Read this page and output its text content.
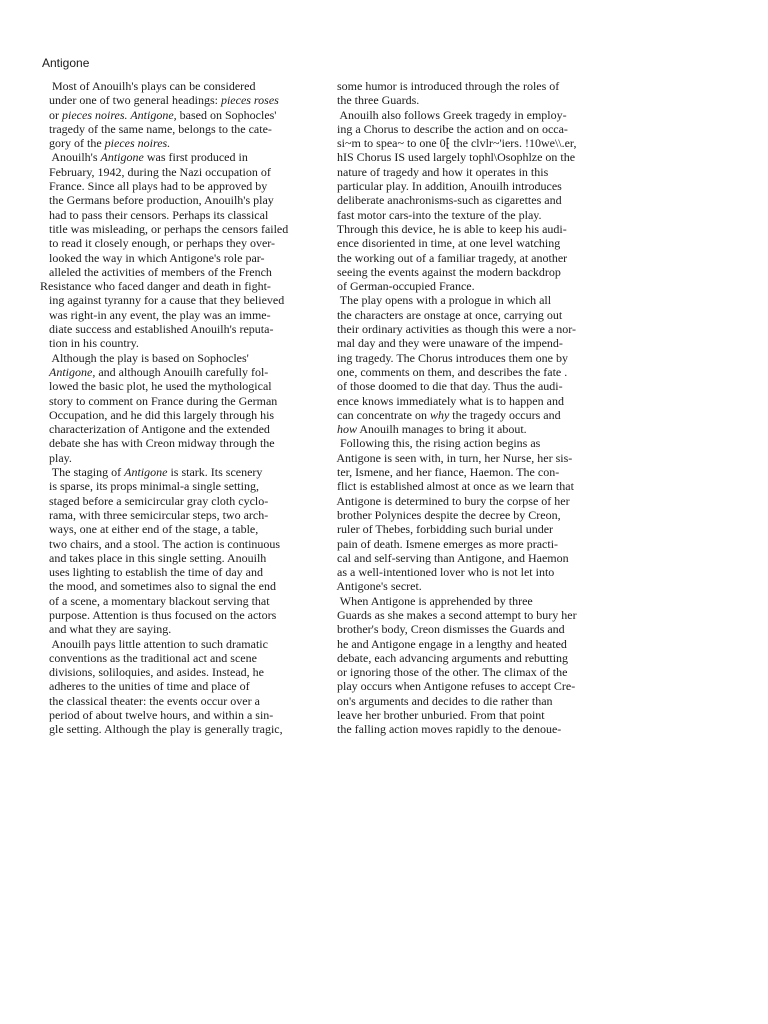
Antigone
Most of Anouilh's plays can be considered
under one of two general headings: pieces roses
or pieces noires. Antigone, based on Sophocles'
tragedy of the same name, belongs to the cate-
gory of the pieces noires.
Anouilh's Antigone was first produced in
February, 1942, during the Nazi occupation of
France. Since all plays had to be approved by
the Germans before production, Anouilh's play
had to pass their censors. Perhaps its classical
title was misleading, or perhaps the censors failed
to read it closely enough, or perhaps they over-
looked the way in which Antigone's role par-
alleled the activities of members of the French
Resistance who faced danger and death in fight-
ing against tyranny for a cause that they believed
was right-in any event, the play was an imme-
diate success and established Anouilh's reputa-
tion in his country.
Although the play is based on Sophocles'
Antigone, and although Anouilh carefully fol-
lowed the basic plot, he used the mythological
story to comment on France during the German
Occupation, and he did this largely through his
characterization of Antigone and the extended
debate she has with Creon midway through the
play.
The staging of Antigone is stark. Its scenery
is sparse, its props minimal-a single setting,
staged before a semicircular gray cloth cyclo-
rama, with three semicircular steps, two arch-
ways, one at either end of the stage, a table,
two chairs, and a stool. The action is continuous
and takes place in this single setting. Anouilh
uses lighting to establish the time of day and
the mood, and sometimes also to signal the end
of a scene, a momentary blackout serving that
purpose. Attention is thus focused on the actors
and what they are saying.
Anouilh pays little attention to such dramatic
conventions as the traditional act and scene
divisions, soliloquies, and asides. Instead, he
adheres to the unities of time and place of
the classical theater: the events occur over a
period of about twelve hours, and within a sin-
gle setting. Although the play is generally tragic,
some humor is introduced through the roles of
the three Guards.
Anouilh also follows Greek tragedy in employ-
ing a Chorus to describe the action and on occa-
si~m to spea~ to one 0⁅ the clvlr~'iers. !10we\\.er,
hIS Chorus IS used largely tophl\Osophlze on the
nature of tragedy and how it operates in this
particular play. In addition, Anouilh introduces
deliberate anachronisms-such as cigarettes and
fast motor cars-into the texture of the play.
Through this device, he is able to keep his audi-
ence disoriented in time, at one level watching
the working out of a familiar tragedy, at another
seeing the events against the modern backdrop
of German-occupied France.
The play opens with a prologue in which all
the characters are onstage at once, carrying out
their ordinary activities as though this were a nor-
mal day and they were unaware of the impend-
ing tragedy. The Chorus introduces them one by
one, comments on them, and describes the fate .
of those doomed to die that day. Thus the audi-
ence knows immediately what is to happen and
can concentrate on why the tragedy occurs and
how Anouilh manages to bring it about.
Following this, the rising action begins as
Antigone is seen with, in turn, her Nurse, her sis-
ter, Ismene, and her fiance, Haemon. The con-
flict is established almost at once as we learn that
Antigone is determined to bury the corpse of her
brother Polynices despite the decree by Creon,
ruler of Thebes, forbidding such burial under
pain of death. Ismene emerges as more practi-
cal and self-serving than Antigone, and Haemon
as a well-intentioned lover who is not let into
Antigone's secret.
When Antigone is apprehended by three
Guards as she makes a second attempt to bury her
brother's body, Creon dismisses the Guards and
he and Antigone engage in a lengthy and heated
debate, each advancing arguments and rebutting
or ignoring those of the other. The climax of the
play occurs when Antigone refuses to accept Cre-
on's arguments and decides to die rather than
leave her brother unburied. From that point
the falling action moves rapidly to the denoue-
